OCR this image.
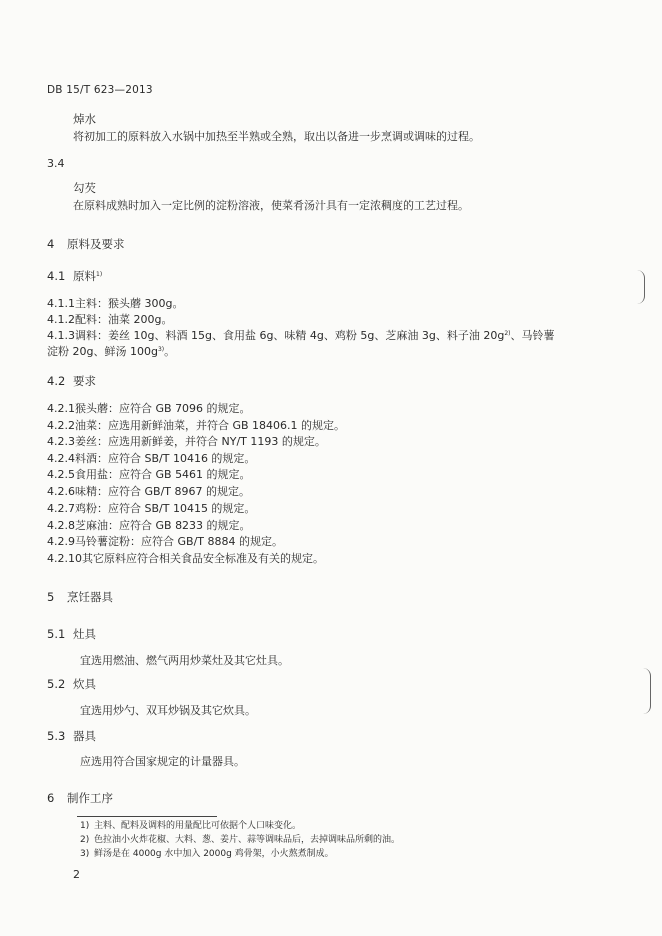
DB 15/T 623—2013
焯水
将初加工的原料放入水锅中加热至半熟或全熟，取出以备进一步烹调或调味的过程。
3.4
勾芡
在原料成熟时加入一定比例的淀粉溶液，使菜肴汤汁具有一定浓稠度的工艺过程。
4 原料及要求
4.1 原料$^{1)}$
4.1.1主料：猴头蘑 300g。
4.1.2配料：油菜 200g。
4.1.3调料：姜丝 10g、料酒 15g、食用盐 6g、味精 4g、鸡粉 5g、芝麻油 3g、料子油 $20g^{2)}$、马铃薯
淀粉 20g、鲜汤 $100g^{3)}$。
4.2 要求
4.2.1猴头蘑：应符合 GB 7096 的规定。
4.2.2油菜：应选用新鲜油菜，并符合 GB 18406.1 的规定。
4.2.3姜丝：应选用新鲜姜，并符合 NY/T 1193 的规定。
4.2.4料酒：应符合 SB/T 10416 的规定。
4.2.5食用盐：应符合 GB 5461 的规定。
4.2.6味精：应符合 GB/T 8967 的规定。
4.2.7鸡粉：应符合 SB/T 10415 的规定。
4.2.8芝麻油：应符合 GB 8233 的规定。
4.2.9马铃薯淀粉：应符合 GB/T 8884 的规定。
4.2.10其它原料应符合相关食品安全标准及有关的规定。
5 烹饪器具
5.1 灶具
宜选用燃油、燃气两用炒菜灶及其它灶具。
5.2 炊具
宜选用炒勺、双耳炒锅及其它炊具。
5.3 器具
应选用符合国家规定的计量器具。
6 制作工序
1) 主料、配料及调料的用量配比可依据个人口味变化。
2) 色拉油小火炸花椒、大料、葱、姜片、蒜等调味品后，去掉调味品所剩的油。
3) 鲜汤是在 4000g 水中加入 2000g 鸡骨架，小火熬煮制成。
2
